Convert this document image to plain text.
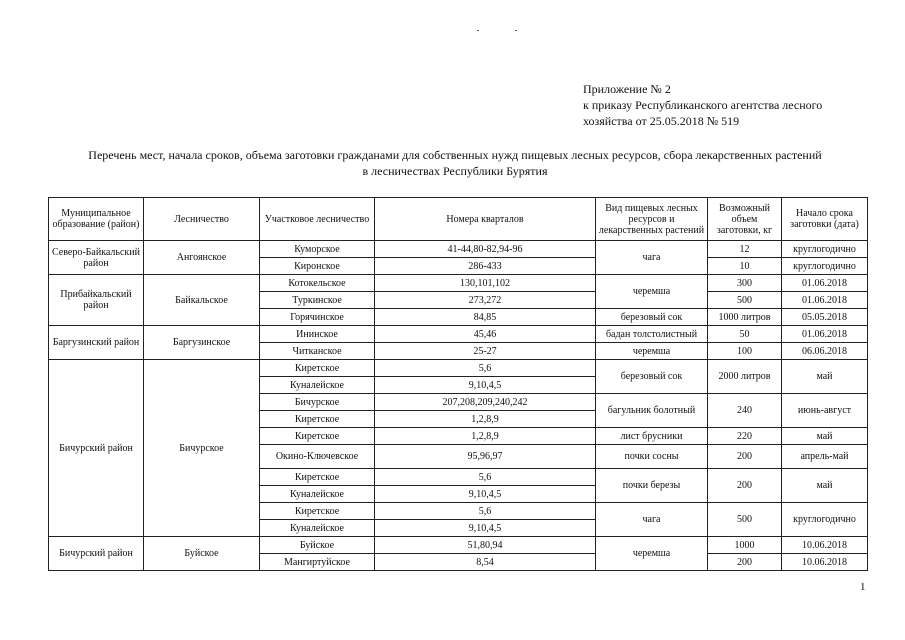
Приложение № 2
к приказу Республиканского агентства лесного
хозяйства от 25.05.2018 № 519
Перечень мест, начала сроков, объема заготовки гражданами для собственных нужд пищевых лесных ресурсов, сбора лекарственных растений
в лесничествах Республики Бурятия
Муниципальное образование (район)	Лесничество	Участковое лесничество	Номера кварталов	Вид пищевых лесных ресурсов и лекарственных растений	Возможный объем заготовки, кг	Начало срока заготовки (дата)
Северо-Байкальский район	Ангоянское	Куморское	41-44,80-82,94-96	чага	12	круглогодично
		Киронское	286-433		10	круглогодично
Прибайкальский район	Байкальское	Котокельское	130,101,102	черемша	300	01.06.2018
		Туркинское	273,272		500	01.06.2018
		Горячинское	84,85	березовый сок	1000 литров	05.05.2018
Баргузинский район	Баргузинское	Ининское	45,46	бадан толстолистный	50	01.06.2018
		Читканское	25-27	черемша	100	06.06.2018
Бичурский район	Бичурское	Киретское	5,6	березовый сок	2000 литров	май
		Куналейское	9,10,4,5			
		Бичурское	207,208,209,240,242	багульник болотный	240	июнь-август
		Киретское	1,2,8,9			
		Киретское	1,2,8,9	лист брусники	220	май
		Окино-Ключевское	95,96,97	почки сосны	200	апрель-май
		Киретское	5,6	почки березы	200	май
		Куналейское	9,10,4,5			
		Киретское	5,6	чага	500	круглогодично
		Куналейское	9,10,4,5			
Бичурский район	Буйское	Буйское	51,80,94	черемша	1000	10.06.2018
		Мангиртуйское	8,54		200	10.06.2018
1
